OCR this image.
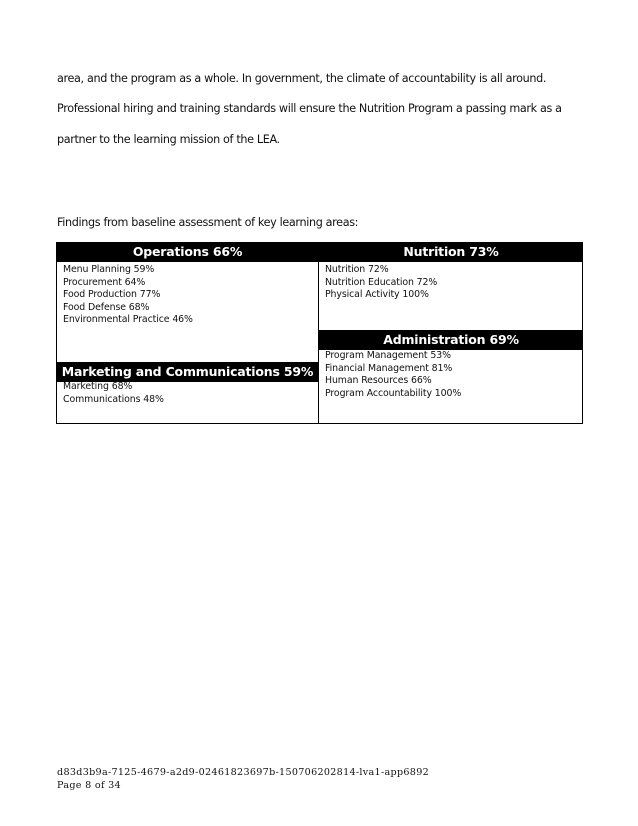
area, and the program as a whole. In government, the climate of accountability is all around.
Professional hiring and training standards will ensure the Nutrition Program a passing mark as a
partner to the learning mission of the LEA.
Findings from baseline assessment of key learning areas:
Operations 66%
Menu Planning 59%
Procurement 64%
Food Production 77%
Food Defense 68%
Environmental Practice 46%
Nutrition 73%
Nutrition 72%
Nutrition Education 72%
Physical Activity 100%
Administration 69%
Program Management 53%
Financial Management 81%
Human Resources 66%
Program Accountability 100%
Marketing and Communications 59%
Marketing 68%
Communications 48%
d83d3b9a-7125-4679-a2d9-02461823697b-150706202814-lva1-app6892
Page 8 of 34
